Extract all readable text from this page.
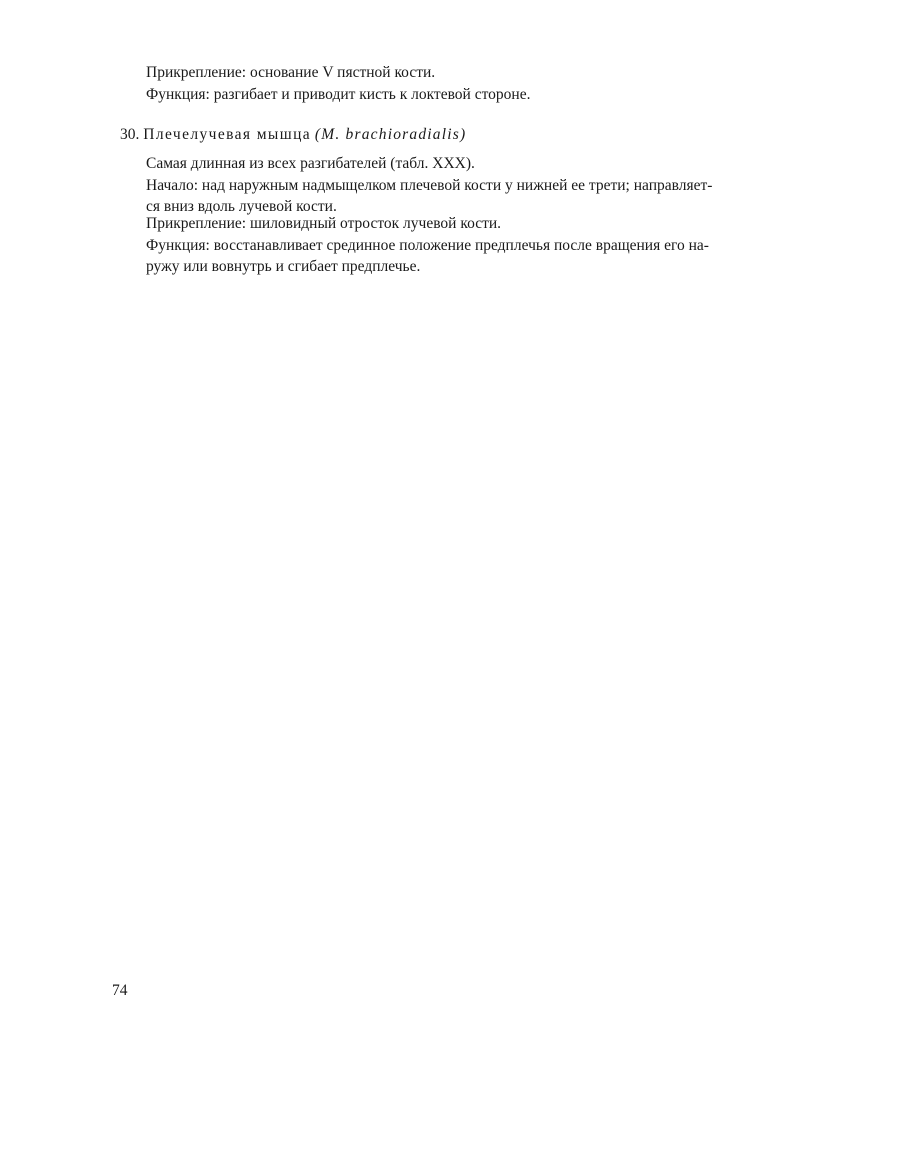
Прикрепление: основание V пястной кости.
Функция: разгибает и приводит кисть к локтевой стороне.
30. Плечелучевая мышца (M. brachioradialis)
Самая длинная из всех разгибателей (табл. XXX).
Начало: над наружным надмыщелком плечевой кости у нижней ее трети; направляет-
ся вниз вдоль лучевой кости.
Прикрепление: шиловидный отросток лучевой кости.
Функция: восстанавливает срединное положение предплечья после вращения его на-
ружу или вовнутрь и сгибает предплечье.
74
